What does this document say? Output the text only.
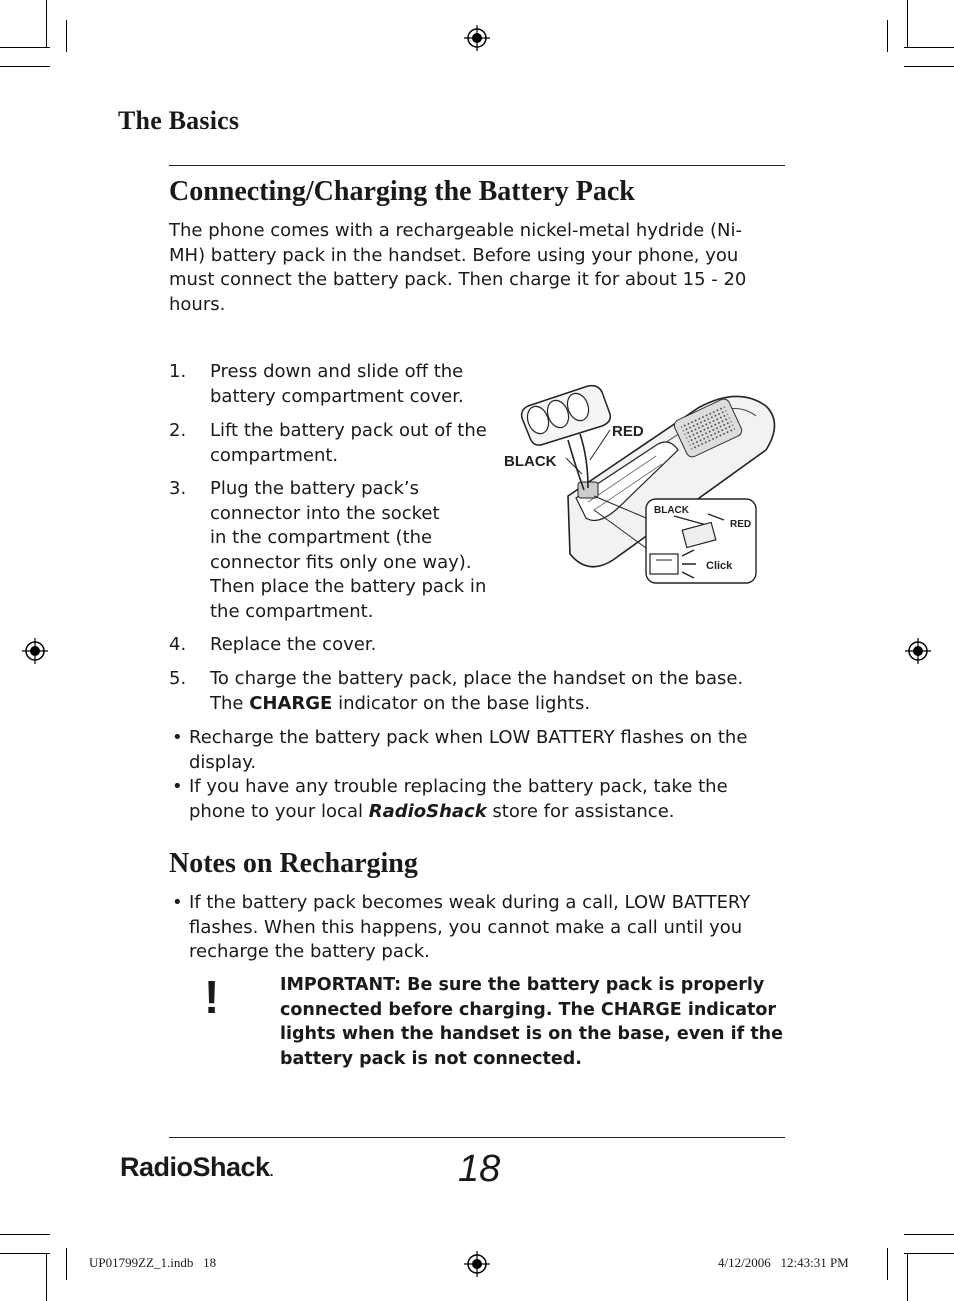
The Basics
Connecting/Charging the Battery Pack
The phone comes with a rechargeable nickel-metal hydride (Ni-
MH) battery pack in the handset. Before using your phone, you
must connect the battery pack. Then charge it for about 15 - 20
hours.
1. Press down and slide off the
battery compartment cover.
2. Lift the battery pack out of the
compartment.
3. Plug the battery pack’s
connector into the socket
in the compartment (the
connector fits only one way).
Then place the battery pack in
the compartment.
4. Replace the cover.
5. To charge the battery pack, place the handset on the base.
The CHARGE indicator on the base lights.
• Recharge the battery pack when LOW BATTERY flashes on the
display.
• If you have any trouble replacing the battery pack, take the
phone to your local RadioShack store for assistance.
RED
BLACK
BLACK
RED
Click
Notes on Recharging
• If the battery pack becomes weak during a call, LOW BATTERY
flashes. When this happens, you cannot make a call until you
recharge the battery pack.
!	IMPORTANT: Be sure the battery pack is properly
connected before charging. The CHARGE indicator
lights when the handset is on the base, even if the
battery pack is not connected.
RadioShack.	18
UP01799ZZ_1.indb   18	4/12/2006   12:43:31 PM
